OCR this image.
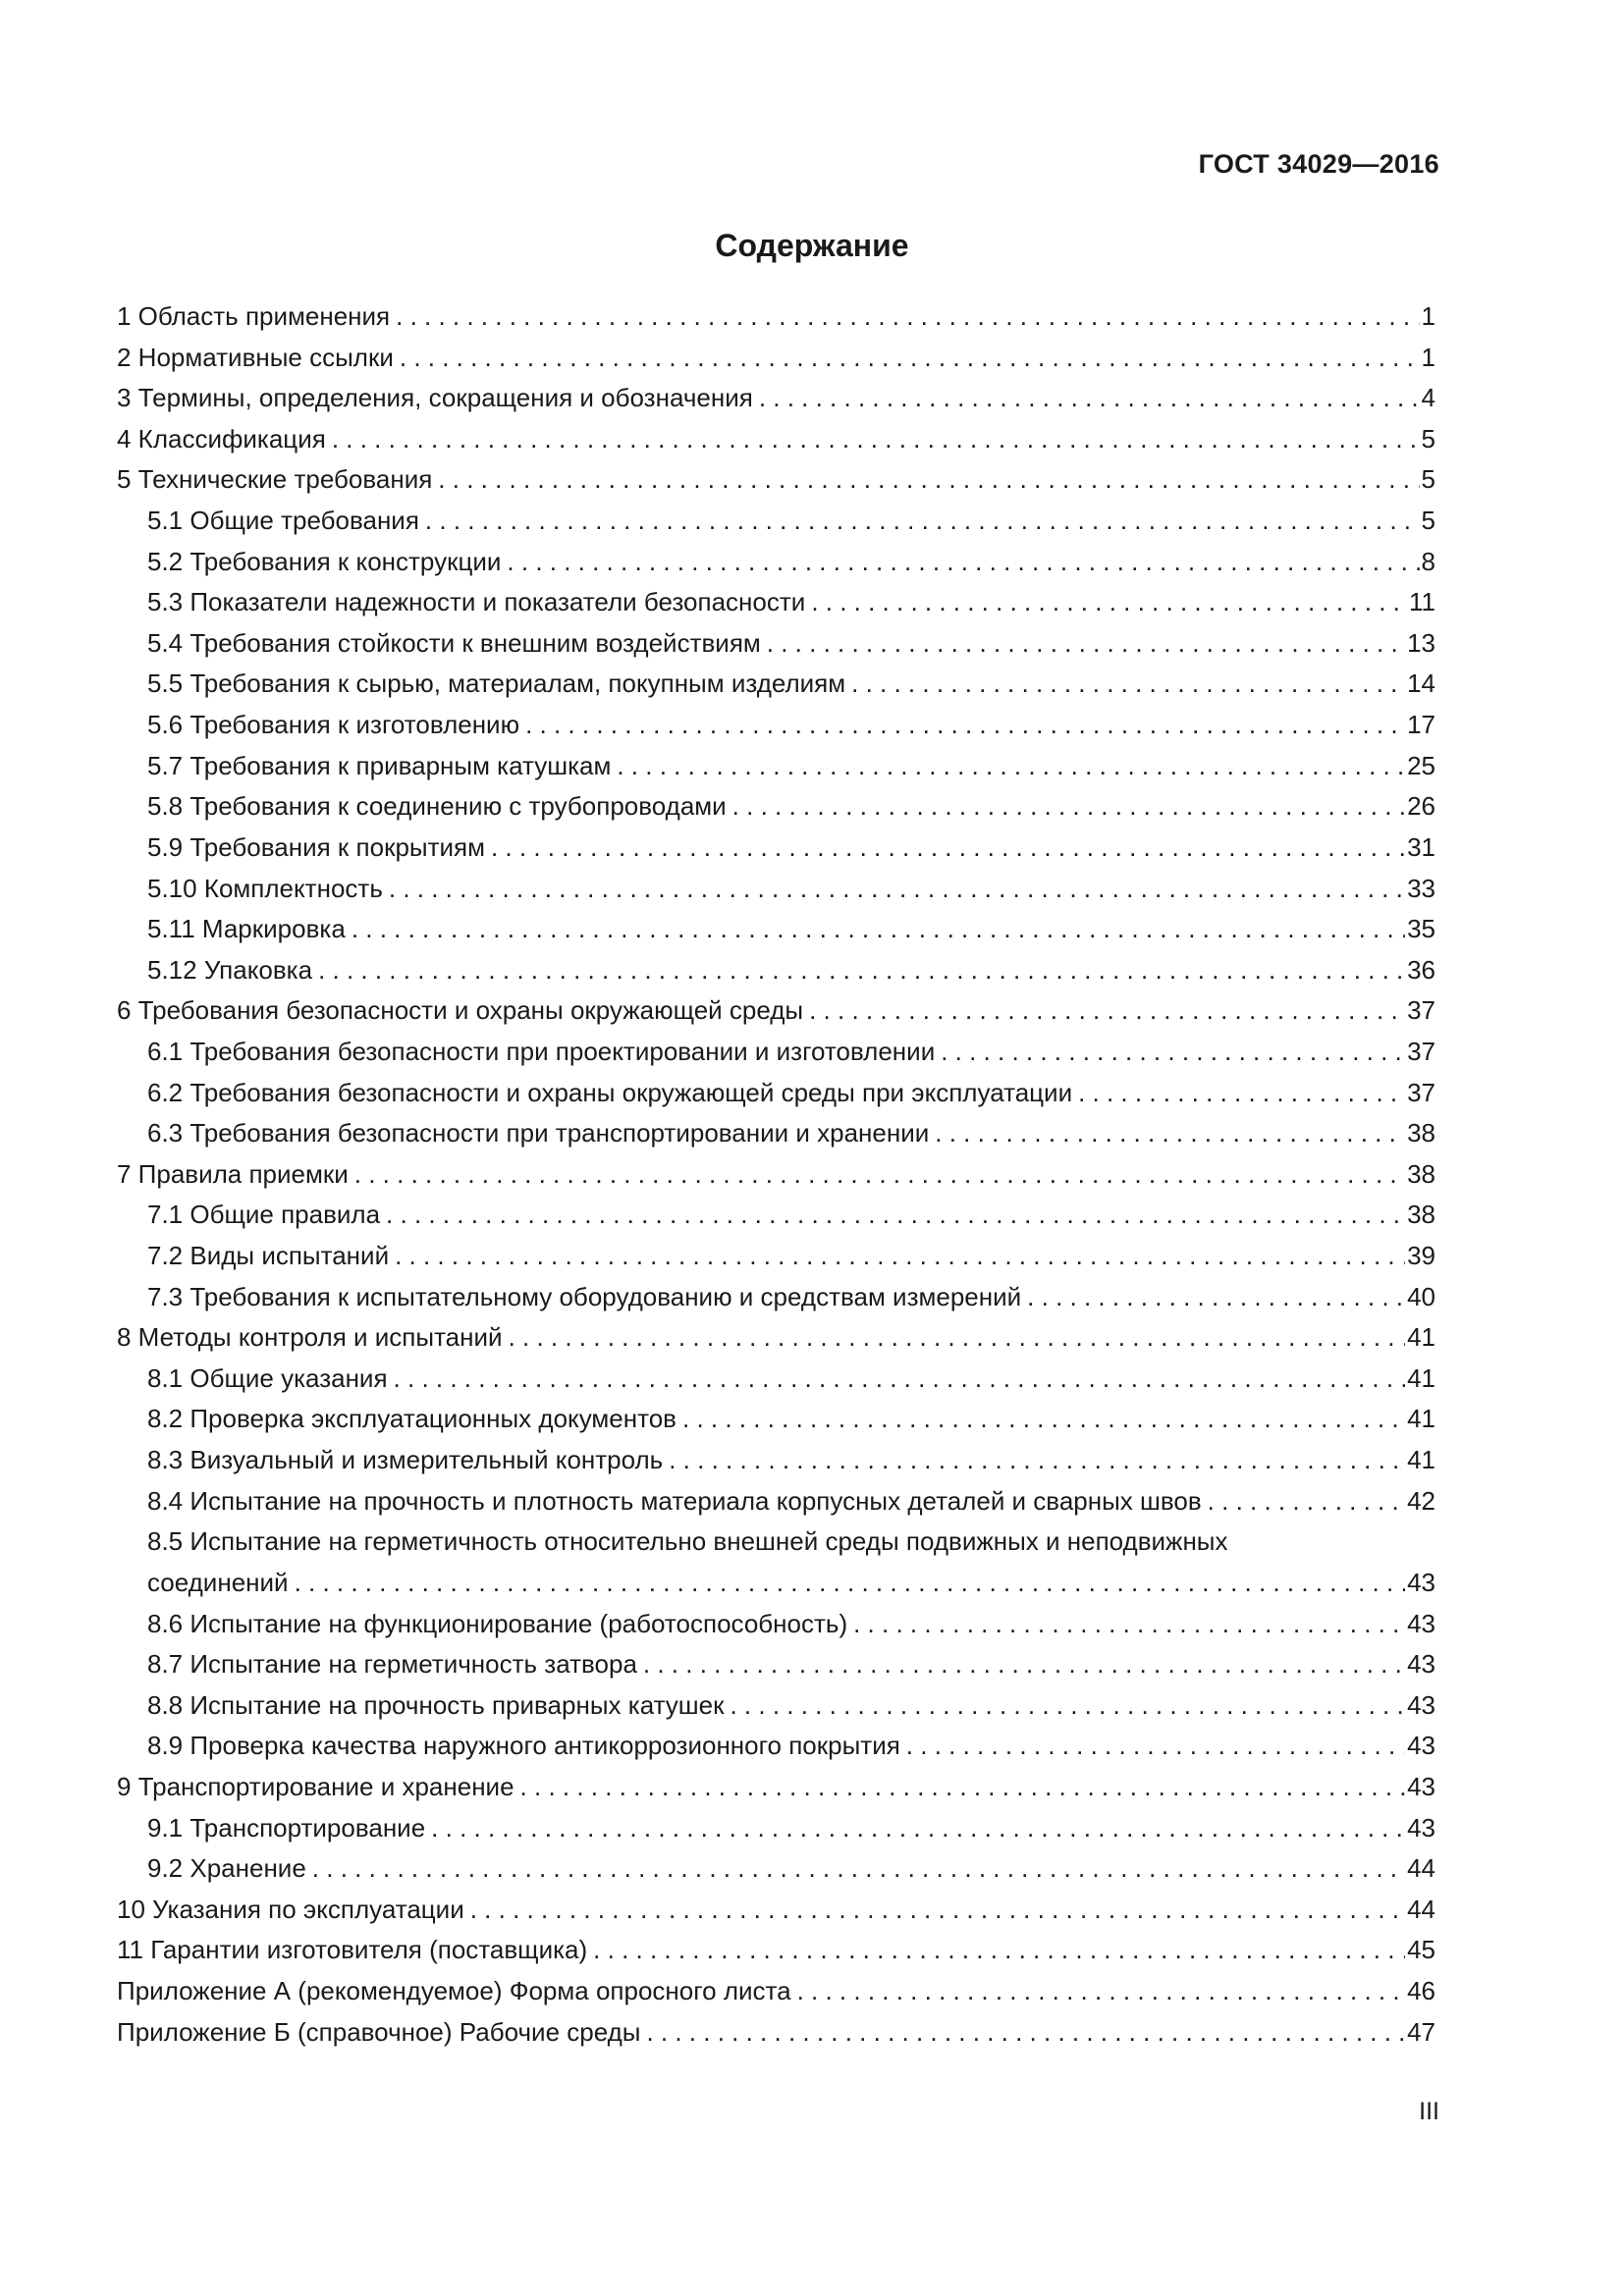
ГОСТ 34029—2016
Содержание
1 Область применения . . .	1
2 Нормативные ссылки . . .	1
3 Термины, определения, сокращения и обозначения . . .	4
4 Классификация . . .	5
5 Технические требования . . .	5
5.1 Общие требования . . .	5
5.2 Требования к конструкции . . .	8
5.3 Показатели надежности и показатели безопасности . . .	11
5.4 Требования стойкости к внешним воздействиям . . .	13
5.5 Требования к сырью, материалам, покупным изделиям . . .	14
5.6 Требования к изготовлению . . .	17
5.7 Требования к приварным катушкам . . .	25
5.8 Требования к соединению с трубопроводами . . .	26
5.9 Требования к покрытиям . . .	31
5.10 Комплектность . . .	33
5.11 Маркировка . . .	35
5.12 Упаковка . . .	36
6 Требования безопасности и охраны окружающей среды . . .	37
6.1 Требования безопасности при проектировании и изготовлении . . .	37
6.2 Требования безопасности и охраны окружающей среды при эксплуатации . . .	37
6.3 Требования безопасности при транспортировании и хранении . . .	38
7 Правила приемки . . .	38
7.1 Общие правила . . .	38
7.2 Виды испытаний . . .	39
7.3 Требования к испытательному оборудованию и средствам измерений . . .	40
8 Методы контроля и испытаний . . .	41
8.1 Общие указания . . .	41
8.2 Проверка эксплуатационных документов . . .	41
8.3 Визуальный и измерительный контроль . . .	41
8.4 Испытание на прочность и плотность материала корпусных деталей и сварных швов . . .	42
8.5 Испытание на герметичность относительно внешней среды подвижных и неподвижных
соединений . . .	43
8.6 Испытание на функционирование (работоспособность) . . .	43
8.7 Испытание на герметичность затвора . . .	43
8.8 Испытание на прочность приварных катушек . . .	43
8.9 Проверка качества наружного антикоррозионного покрытия . . .	43
9 Транспортирование и хранение . . .	43
9.1 Транспортирование . . .	43
9.2 Хранение . . .	44
10 Указания по эксплуатации . . .	44
11 Гарантии изготовителя (поставщика) . . .	45
Приложение А (рекомендуемое) Форма опросного листа . . .	46
Приложение Б (справочное) Рабочие среды . . .	47
III
